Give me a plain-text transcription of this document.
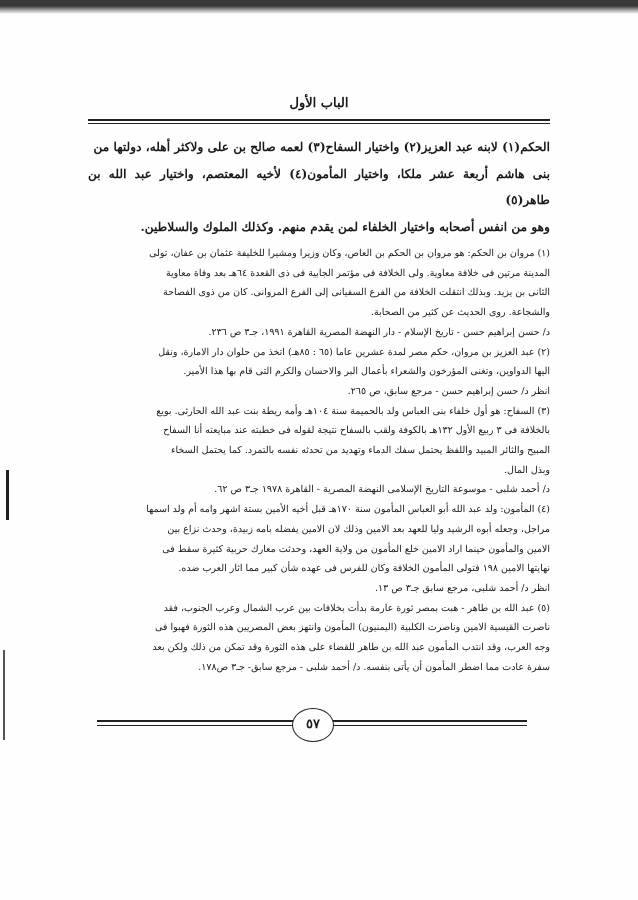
الباب الأول

الحكم(١) لابنه عبد العزيز(٢) واختيار السفاح(٣) لعمه صالح بن على ولاكثر أهله، دولتها من

بنى هاشم أربعة عشر ملكا، واختيار المأمون(٤) لأخيه المعتصم، واختيار عبد الله بن طاهر(٥)

وهو من انفس أصحابه واختيار الخلفاء لمن يقدم منهم. وكذلك الملوك والسلاطين.

(١) مروان بن الحكم: هو مروان بن الحكم بن العاص، وكان وزيرا ومشيرا للخليفة عثمان بن عفان، تولى

المدينة مرتين فى خلافة معاوية. ولى الخلافة فى مؤتمر الجابية فى ذى القعدة ٦٤هـ بعد وفاة معاوية

الثانى بن يزيد. وبذلك انتقلت الخلافة من الفرع السفيانى إلى الفرع المروانى. كان من ذوى الفصاحة

والشجاعة. روى الحديث عن كثير من الصحابة.

د/ حسن إبراهيم حسن - تاريخ الإسلام - دار النهضة المصرية القاهرة ١٩٩١، جـ٣ ص ٢٣٦.

(٢) عبد العزيز بن مروان، حكم مصر لمدة عشرين عاما (٦٥ : ٨٥هـ) اتخذ من حلوان دار الامارة، ونقل

اليها الدواوين، وتغنى المؤرخون والشعراء بأعمال البر والاحسان والكرم التى قام بها هذا الأمير.

انظر د/ حسن إبراهيم حسن - مرجع سابق، ص ٢٦٥.

(٣) السفاح: هو أول خلفاء بنى العباس ولد بالحميمة سنة ١٠٤هـ وأمه ريطة بنت عبد الله الحارثى. بويع

بالخلافة فى ٣ ربيع الأول ١٣٢هـ بالكوفة ولقب بالسفاح نتيجة لقوله فى خطبته عند مبايعته أنا السفاح

المبيح والثائر المبيد واللفظ يحتمل سفك الدماء وتهديد من تحدثه نفسه بالتمرد. كما يحتمل السخاء

وبذل المال.

د/ أحمد شلبى - موسوعة التاريخ الإسلامى النهضة المصرية - القاهرة ١٩٧٨ جـ٣ ص ٦٢.

(٤) المأمون: ولد عبد الله أبو العباس المأمون سنة ١٧٠هـ قبل أخيه الأمين بستة اشهر وامه أم ولد اسمها

مراجل، وجعله أبوه الرشيد وليا للعهد بعد الامين وذلك لان الامين يفضله بامه زبيدة، وحدث نزاع بين

الامين والمأمون حينما اراد الامين خلع المأمون من ولاية العهد، وحدثت معارك حربية كثيرة سقط فى

نهايتها الامين ١٩٨ فتولى المأمون الخلافة وكان للفرس فى عهده شأن كبير مما اثار العرب ضده.

انظر د/ أحمد شلبى، مرجع سابق جـ٣ ص ١٣.

(٥) عبد الله بن طاهر - هبت بمصر ثورة عارمة بدأت بخلافات بين عرب الشمال وعرب الجنوب، فقد

ناصرت القيسية الامين وناصرت الكلبية (اليمنيون) المأمون وانتهز بعض المصريين هذه الثورة فهبوا فى

وجه العرب، وقد انتدب المأمون عبد الله بن طاهر للقضاء على هذه الثورة وقد تمكن من ذلك ولكن بعد

سفرة عادت مما اضطر المأمون أن يأتى بنفسه. د/ أحمد شلبى - مرجع سابق- جـ٣ ص١٧٨.

٥٧
